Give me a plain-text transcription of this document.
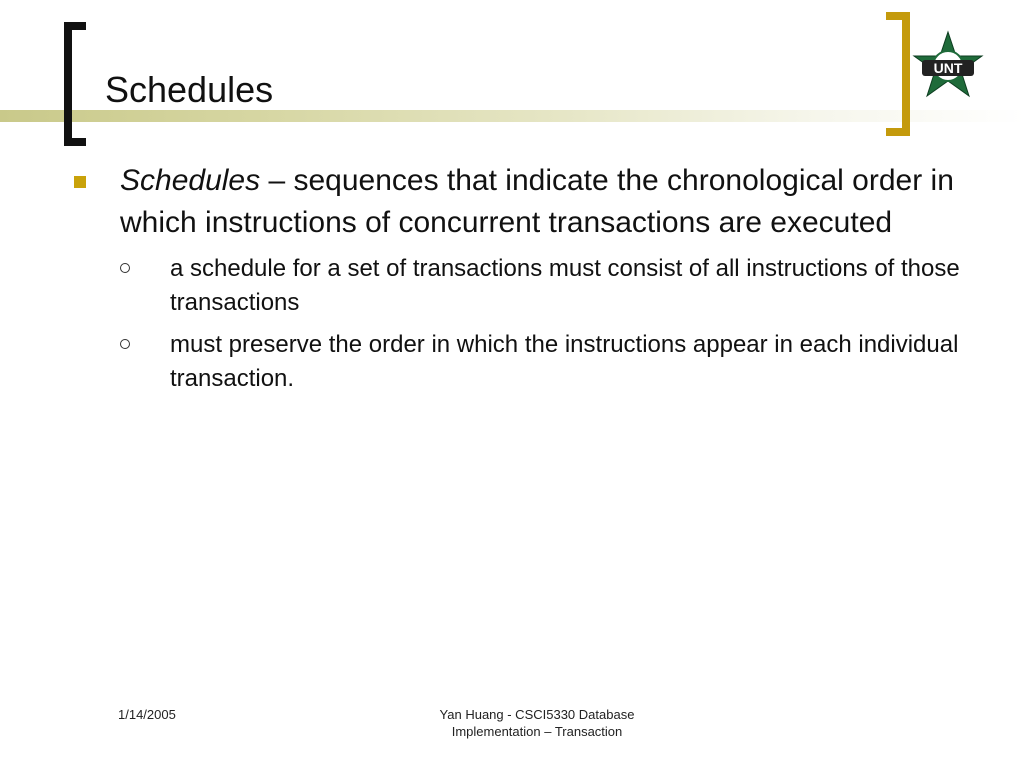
Schedules
UNT
Schedules – sequences that indicate the chronological order in which instructions of concurrent transactions are executed
a schedule for a set of transactions must consist of all instructions of those transactions
must preserve the order in which the instructions appear in each individual transaction.
1/14/2005	Yan Huang - CSCI5330 Database
Implementation – Transaction
